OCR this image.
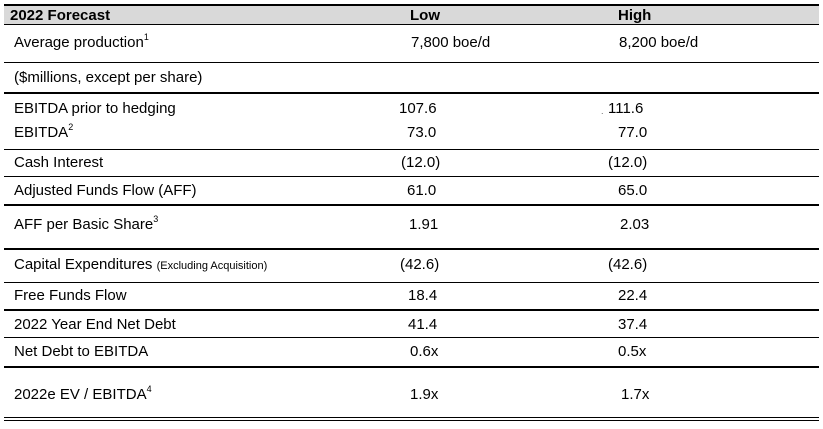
2022 Forecast	Low	High
Average production$^1$	7,800 boe/d	8,200 boe/d
($millions, except per share)
EBITDA prior to hedging	107.6	. 111.6
EBITDA$^2$	73.0	77.0
Cash Interest	(12.0)	(12.0)
Adjusted Funds Flow (AFF)	61.0	65.0
AFF per Basic Share$^3$	1.91	2.03
Capital Expenditures (Excluding Acquisition)	(42.6)	(42.6)
Free Funds Flow	18.4	22.4
2022 Year End Net Debt	41.4	37.4
Net Debt to EBITDA	0.6x	0.5x
2022e EV / EBITDA$^4$	1.9x	1.7x
